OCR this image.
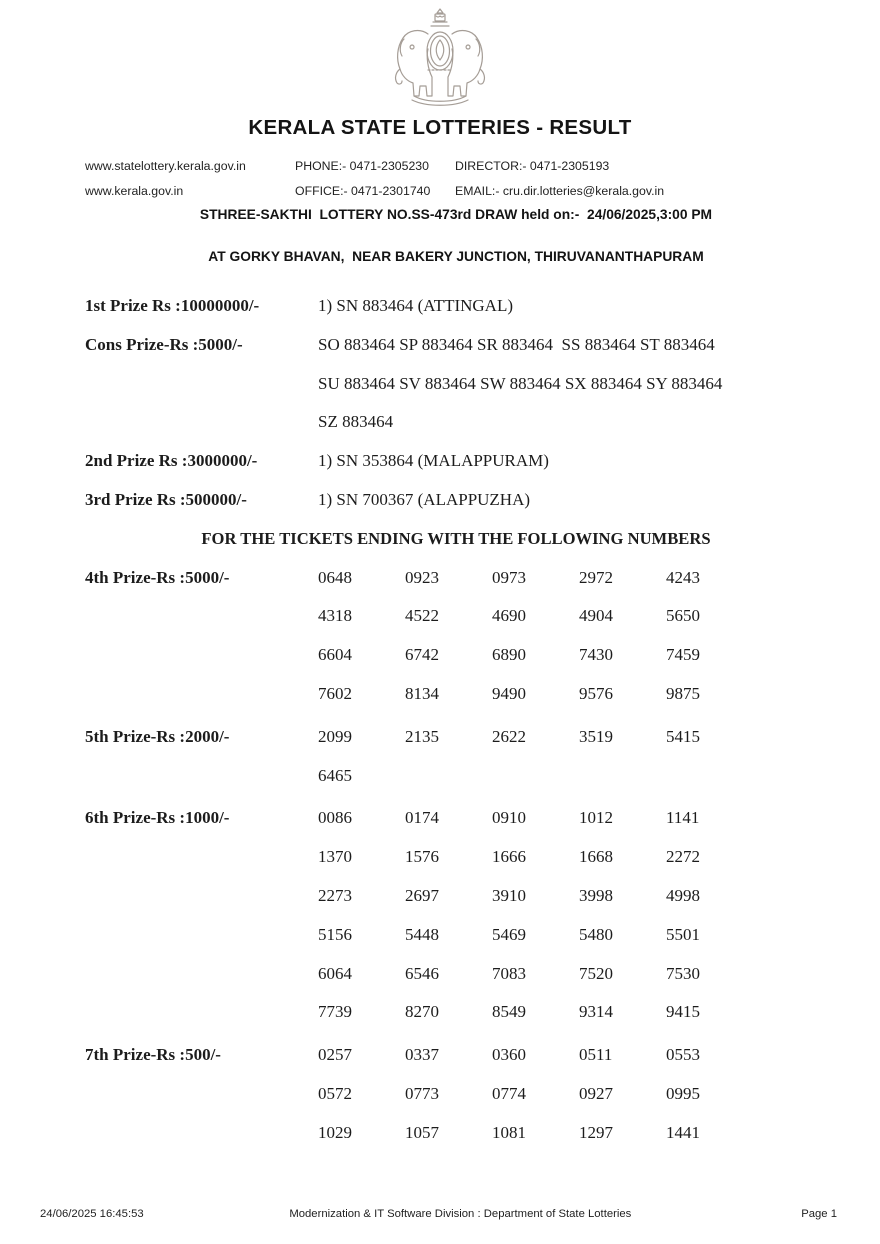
KERALA STATE LOTTERIES - RESULT
www.statelottery.kerala.gov.in	PHONE:- 0471-2305230	DIRECTOR:- 0471-2305193
www.kerala.gov.in	OFFICE:- 0471-2301740	EMAIL:- cru.dir.lotteries@kerala.gov.in
STHREE-SAKTHI  LOTTERY NO.SS-473rd DRAW held on:-  24/06/2025,3:00 PM
AT GORKY BHAVAN,  NEAR BAKERY JUNCTION, THIRUVANANTHAPURAM
1st Prize Rs :10000000/-	1) SN 883464 (ATTINGAL)
Cons Prize-Rs :5000/-	SO 883464 SP 883464 SR 883464  SS 883464 ST 883464
SU 883464 SV 883464 SW 883464 SX 883464 SY 883464
SZ 883464
2nd Prize Rs :3000000/-	1) SN 353864 (MALAPPURAM)
3rd Prize Rs :500000/-	1) SN 700367 (ALAPPUZHA)
FOR THE TICKETS ENDING WITH THE FOLLOWING NUMBERS
4th Prize-Rs :5000/-	0648	0923	0973	2972	4243
4318	4522	4690	4904	5650
6604	6742	6890	7430	7459
7602	8134	9490	9576	9875
5th Prize-Rs :2000/-	2099	2135	2622	3519	5415
6465
6th Prize-Rs :1000/-	0086	0174	0910	1012	1141
1370	1576	1666	1668	2272
2273	2697	3910	3998	4998
5156	5448	5469	5480	5501
6064	6546	7083	7520	7530
7739	8270	8549	9314	9415
7th Prize-Rs :500/-	0257	0337	0360	0511	0553
0572	0773	0774	0927	0995
1029	1057	1081	1297	1441
24/06/2025 16:45:53	Modernization & IT Software Division : Department of State Lotteries	Page 1
